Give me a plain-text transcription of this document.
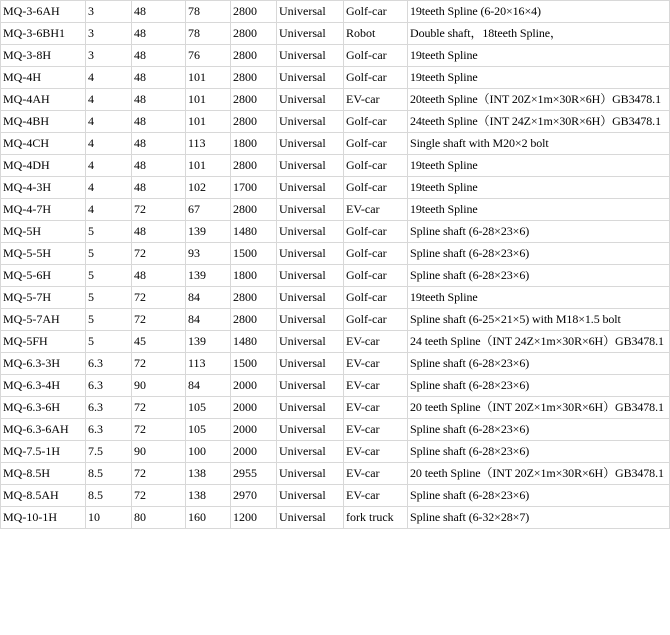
MQ-3-6AH	3	48	78	2800	Universal	Golf-car	19teeth Spline (6-20×16×4)
MQ-3-6BH1	3	48	78	2800	Universal	Robot	Double shaft，18teeth Spline，
MQ-3-8H	3	48	76	2800	Universal	Golf-car	19teeth Spline
MQ-4H	4	48	101	2800	Universal	Golf-car	19teeth Spline
MQ-4AH	4	48	101	2800	Universal	EV-car	20teeth Spline（INT 20Z×1m×30R×6H）GB3478.1
MQ-4BH	4	48	101	2800	Universal	Golf-car	24teeth Spline（INT 24Z×1m×30R×6H）GB3478.1
MQ-4CH	4	48	113	1800	Universal	Golf-car	Single shaft with M20×2 bolt
MQ-4DH	4	48	101	2800	Universal	Golf-car	19teeth Spline
MQ-4-3H	4	48	102	1700	Universal	Golf-car	19teeth Spline
MQ-4-7H	4	72	67	2800	Universal	EV-car	19teeth Spline
MQ-5H	5	48	139	1480	Universal	Golf-car	Spline shaft (6-28×23×6)
MQ-5-5H	5	72	93	1500	Universal	Golf-car	Spline shaft (6-28×23×6)
MQ-5-6H	5	48	139	1800	Universal	Golf-car	Spline shaft (6-28×23×6)
MQ-5-7H	5	72	84	2800	Universal	Golf-car	19teeth Spline
MQ-5-7AH	5	72	84	2800	Universal	Golf-car	Spline shaft (6-25×21×5) with M18×1.5 bolt
MQ-5FH	5	45	139	1480	Universal	EV-car	24 teeth Spline（INT 24Z×1m×30R×6H）GB3478.1
MQ-6.3-3H	6.3	72	113	1500	Universal	EV-car	Spline shaft (6-28×23×6)
MQ-6.3-4H	6.3	90	84	2000	Universal	EV-car	Spline shaft (6-28×23×6)
MQ-6.3-6H	6.3	72	105	2000	Universal	EV-car	20 teeth Spline（INT 20Z×1m×30R×6H）GB3478.1
MQ-6.3-6AH	6.3	72	105	2000	Universal	EV-car	Spline shaft (6-28×23×6)
MQ-7.5-1H	7.5	90	100	2000	Universal	EV-car	Spline shaft (6-28×23×6)
MQ-8.5H	8.5	72	138	2955	Universal	EV-car	20 teeth Spline（INT 20Z×1m×30R×6H）GB3478.1
MQ-8.5AH	8.5	72	138	2970	Universal	EV-car	Spline shaft (6-28×23×6)
MQ-10-1H	10	80	160	1200	Universal	fork truck	Spline shaft (6-32×28×7)
